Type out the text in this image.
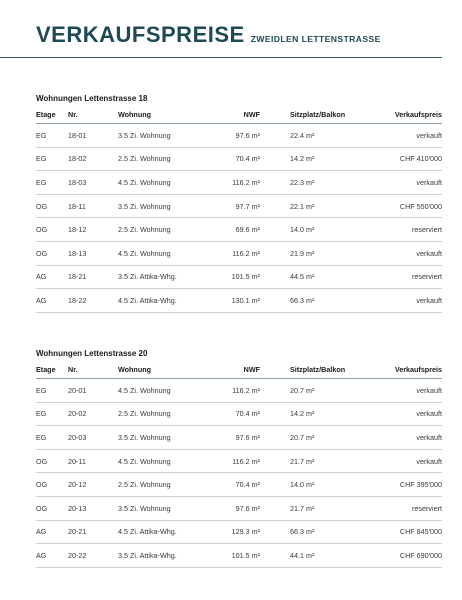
VERKAUFSPREISE ZWEIDLEN LETTENSTRASSE
Wohnungen Lettenstrasse 18
Etage	Nr.	Wohnung	NWF		Sitzplatz/Balkon	Verkaufspreis
EG	18-01	3.5 Zi. Wohnung	97.6 m²		22.4 m²	verkauft
EG	18-02	2.5 Zi. Wohnung	70.4 m²		14.2 m²	CHF 410'000
EG	18-03	4.5 Zi. Wohnung	116.2 m²		22.3 m²	verkauft
OG	18-11	3.5 Zi. Wohnung	97.7 m²		22.1 m²	CHF 550'000
OG	18-12	2.5 Zi. Wohnung	69.6 m²		14.0 m²	reserviert
OG	18-13	4.5 Zi. Wohnung	116.2 m²		21.9 m²	verkauft
AG	18-21	3.5 Zi. Attika-Whg.	101.5 m²		44.5 m²	reserviert
AG	18-22	4.5 Zi. Attika-Whg.	130.1 m²		66.3 m²	verkauft
Wohnungen Lettenstrasse 20
Etage	Nr.	Wohnung	NWF		Sitzplatz/Balkon	Verkaufspreis
EG	20-01	4.5 Zi. Wohnung	116.2 m²		20.7 m²	verkauft
EG	20-02	2.5 Zi. Wohnung	70.4 m²		14.2 m²	verkauft
EG	20-03	3.5 Zi. Wohnung	97.6 m²		20.7 m²	verkauft
OG	20-11	4.5 Zi. Wohnung	116.2 m²		21.7 m²	verkauft
OG	20-12	2.5 Zi. Wohnung	70.4 m²		14.0 m²	CHF 395'000
OG	20-13	3.5 Zi. Wohnung	97.6 m²		21.7 m²	reserviert
AG	20-21	4.5 Zi. Attika-Whg.	129.3 m²		66.3 m²	CHF 845'000
AG	20-22	3.5 Zi. Attika-Whg.	101.5 m²		44.1 m²	CHF 690'000
